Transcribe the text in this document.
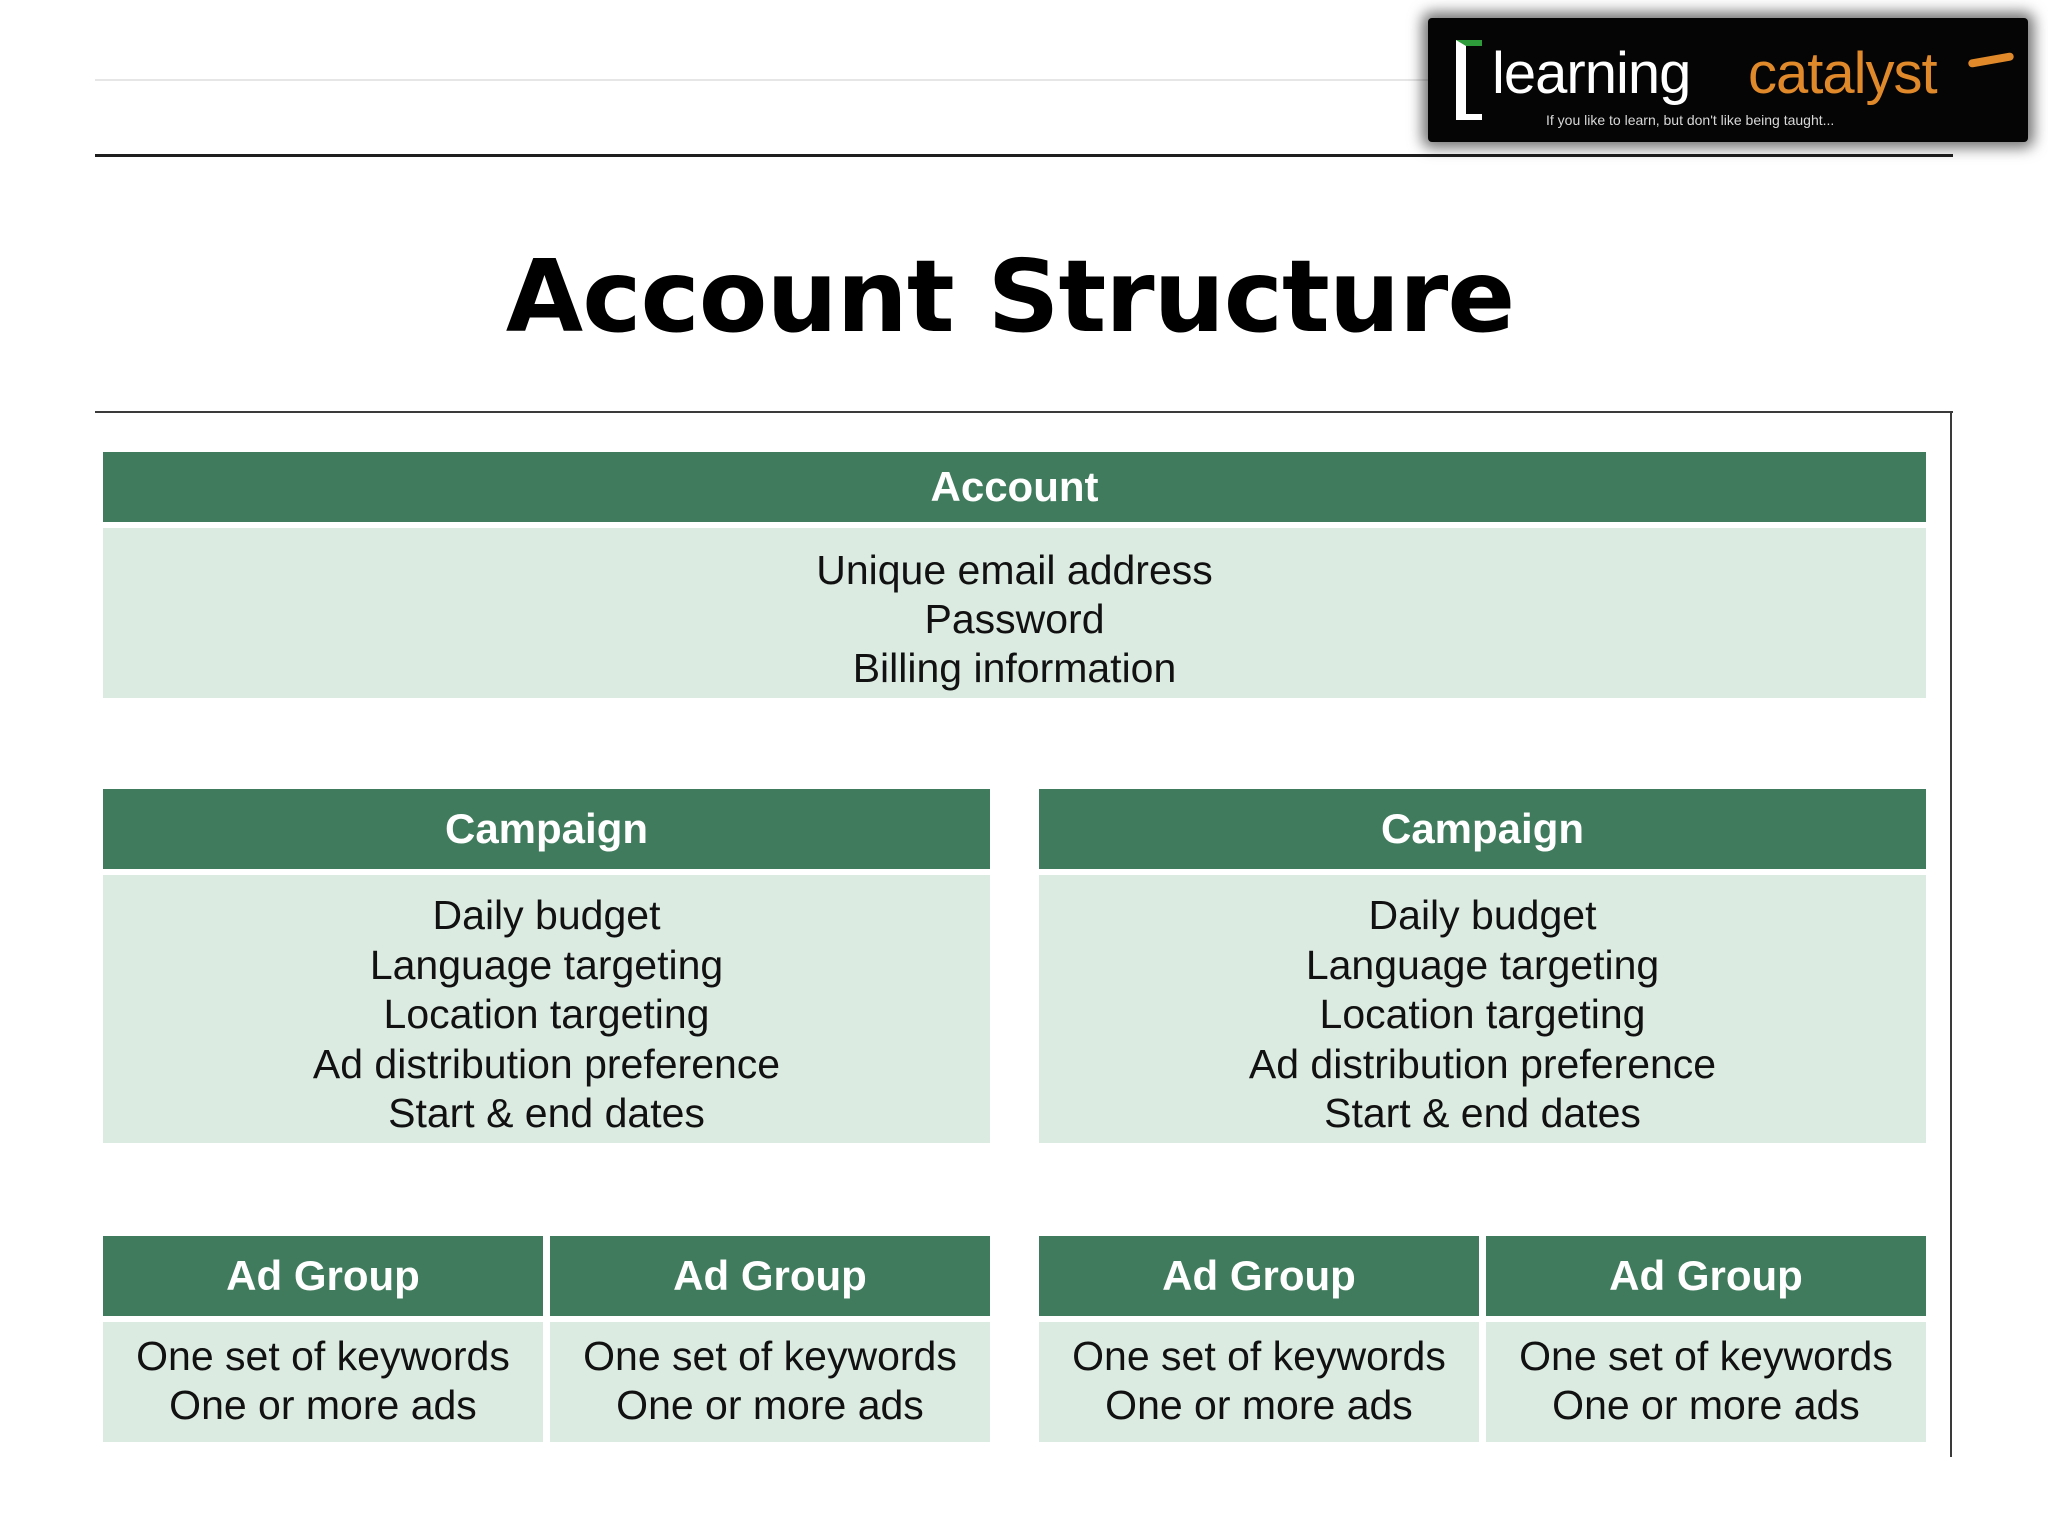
learning catalyst
If you like to learn, but don't like being taught...
Account Structure
Account
Unique email address
Password
Billing information
Campaign
Daily budget
Language targeting
Location targeting
Ad distribution preference
Start & end dates
Campaign
Daily budget
Language targeting
Location targeting
Ad distribution preference
Start & end dates
Ad Group
One set of keywords
One or more ads
Ad Group
One set of keywords
One or more ads
Ad Group
One set of keywords
One or more ads
Ad Group
One set of keywords
One or more ads
